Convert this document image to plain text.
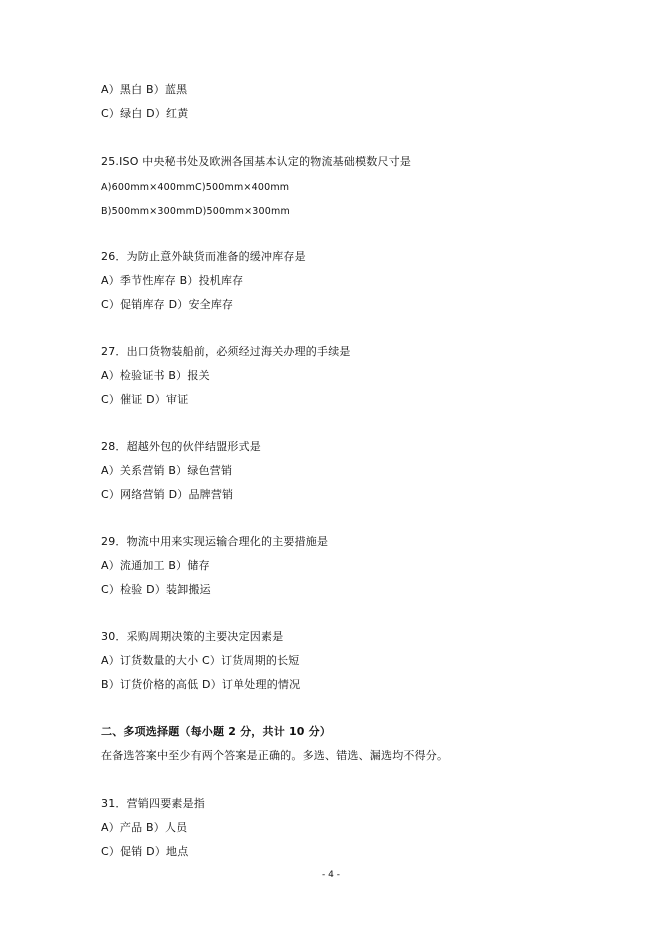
A）黑白 B）蓝黑
C）绿白 D）红黄
25.ISO 中央秘书处及欧洲各国基本认定的物流基础模数尺寸是
A)600mm×400mmC)500mm×400mm
B)500mm×300mmD)500mm×300mm
26．为防止意外缺货而准备的缓冲库存是
A）季节性库存 B）投机库存
C）促销库存 D）安全库存
27．出口货物装船前，必须经过海关办理的手续是
A）检验证书 B）报关
C）催证 D）审证
28．超越外包的伙伴结盟形式是
A）关系营销 B）绿色营销
C）网络营销 D）品牌营销
29．物流中用来实现运输合理化的主要措施是
A）流通加工 B）储存
C）检验 D）装卸搬运
30．采购周期决策的主要决定因素是
A）订货数量的大小 C）订货周期的长短
B）订货价格的高低 D）订单处理的情况
二、多项选择题（每小题 2 分，共计 10 分）
在备选答案中至少有两个答案是正确的。多选、错选、漏选均不得分。
31．营销四要素是指
A）产品 B）人员
C）促销 D）地点
- 4 -
